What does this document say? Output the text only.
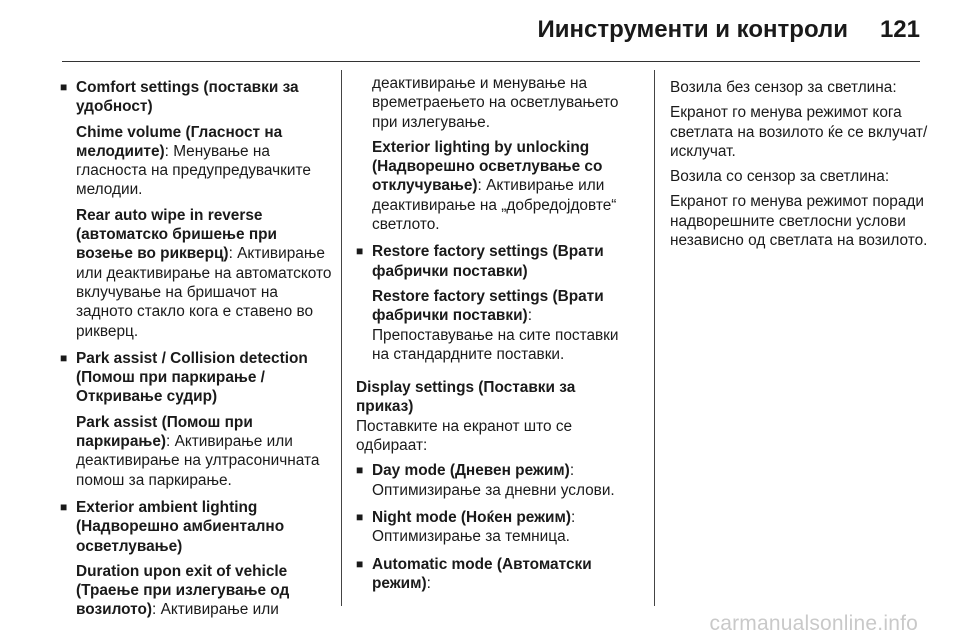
Иинструменти и контроли 121
■ Comfort settings (поставки за удобност)
Chime volume (Гласност на мелодиите): Менување на гласноста на предупредувачките мелодии.
Rear auto wipe in reverse (автоматско бришење при возење во рикверц): Активирање или деактивирање на автоматското вклучување на бришачот на задното стакло кога е ставено во рикверц.
■ Park assist / Collision detection (Помош при паркирање / Откривање судир)
Park assist (Помош при паркирање): Активирање или деактивирање на ултрасоничната помош за паркирање.
■ Exterior ambient lighting (Надворешно амбиентално осветлување)
Duration upon exit of vehicle (Траење при излегување од возилото): Активирање или
деактивирање и менување на времетраењето на осветлувањето при излегување.
Exterior lighting by unlocking (Надворешно осветлување со отклучување): Активирање или деактивирање на „добредојдовте“ светлото.
■ Restore factory settings (Врати фабрички поставки)
Restore factory settings (Врати фабрички поставки): Препоставување на сите поставки на стандардните поставки.
Display settings (Поставки за приказ)
Поставките на екранот што се одбираат:
■ Day mode (Дневен режим): Оптимизирање за дневни услови.
■ Night mode (Ноќен режим): Оптимизирање за темница.
■ Automatic mode (Автоматски режим):
Возила без сензор за светлина:
Екранот го менува режимот кога светлата на возилото ќе се вклучат/исклучат.
Возила со сензор за светлина:
Екранот го менува режимот поради надворешните светлосни услови независно од светлата на возилото.
carmanualsonline.info
